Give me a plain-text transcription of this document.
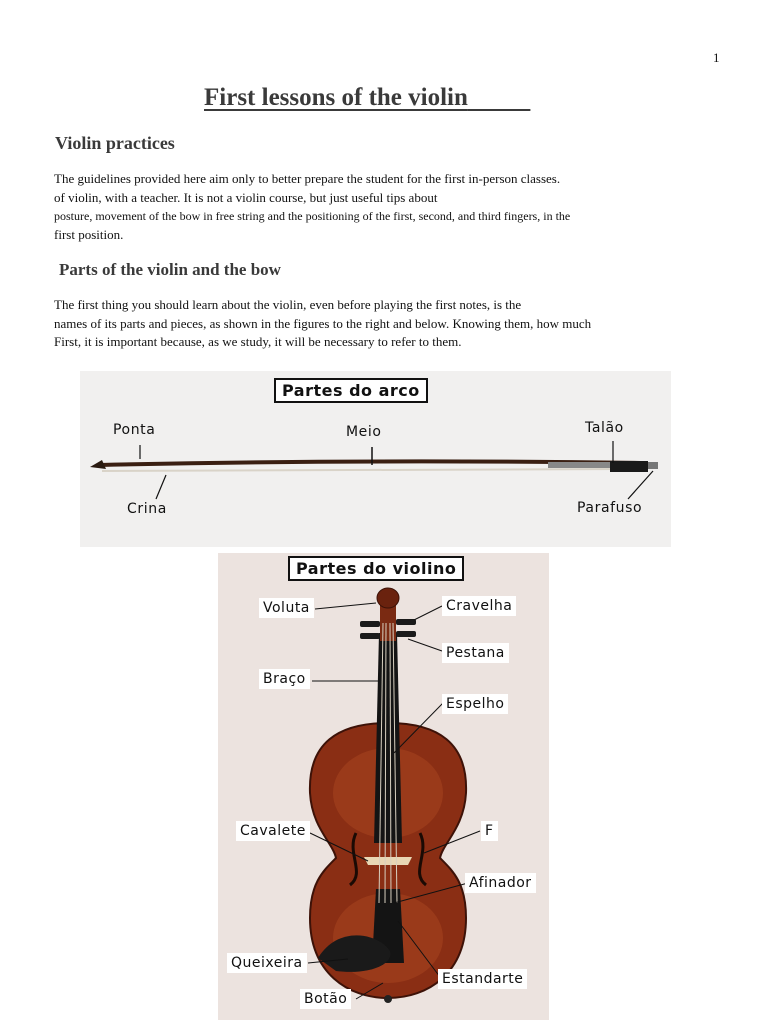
1
First lessons of the violin
Violin practices
The guidelines provided here aim only to better prepare the student for the first in-person classes.
of violin, with a teacher. It is not a violin course, but just useful tips about
posture, movement of the bow in free string and the positioning of the first, second, and third fingers, in the
first position.
Parts of the violin and the bow
The first thing you should learn about the violin, even before playing the first notes, is the
names of its parts and pieces, as shown in the figures to the right and below. Knowing them, how much
First, it is important because, as we study, it will be necessary to refer to them.
Partes do arco
Ponta	Meio	Talão
Crina	Parafuso
Partes do violino
Voluta	Cravelha
Pestana
Braço
Espelho
Cavalete	F
Afinador
Queixeira
Estandarte
Botão
